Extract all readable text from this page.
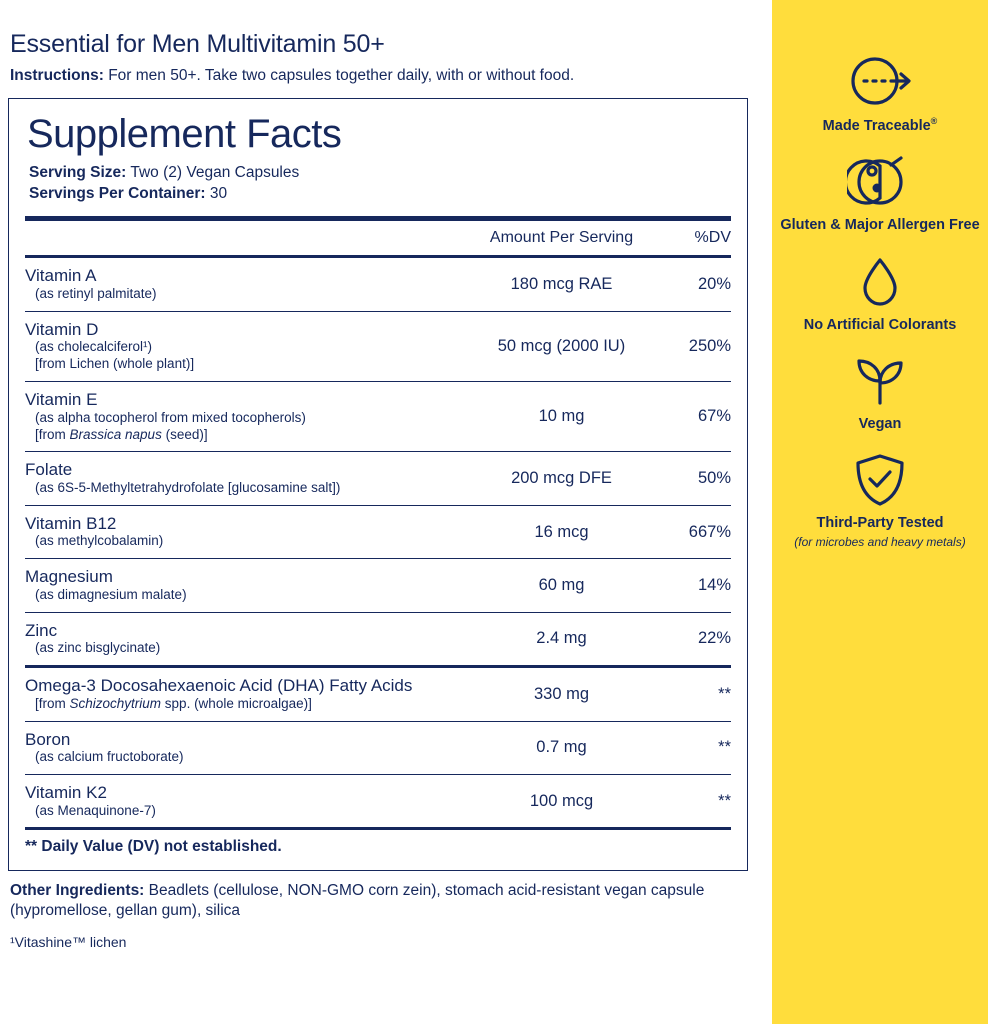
Essential for Men Multivitamin 50+

Instructions: For men 50+. Take two capsules together daily, with or without food.

Supplement Facts
Serving Size: Two (2) Vegan Capsules
Servings Per Container: 30

	Amount Per Serving	%DV

Vitamin A
(as retinyl palmitate)	180 mcg RAE	20%

Vitamin D
(as cholecalciferol¹)
[from Lichen (whole plant)]	50 mcg (2000 IU)	250%

Vitamin E
(as alpha tocopherol from mixed tocopherols)
[from Brassica napus (seed)]	10 mg	67%

Folate
(as 6S-5-Methyltetrahydrofolate [glucosamine salt])	200 mcg DFE	50%

Vitamin B12
(as methylcobalamin)	16 mcg	667%

Magnesium
(as dimagnesium malate)	60 mg	14%

Zinc
(as zinc bisglycinate)	2.4 mg	22%

Omega-3 Docosahexaenoic Acid (DHA) Fatty Acids
[from Schizochytrium spp. (whole microalgae)]	330 mg	**

Boron
(as calcium fructoborate)	0.7 mg	**

Vitamin K2
(as Menaquinone-7)	100 mcg	**

** Daily Value (DV) not established.		

Other Ingredients: Beadlets (cellulose, NON-GMO corn zein), stomach acid-resistant vegan capsule (hypromellose, gellan gum), silica

¹Vitashine™ lichen

Made Traceable®
Gluten & Major Allergen Free
No Artificial Colorants
Vegan
Third-Party Tested
(for microbes and heavy metals)
